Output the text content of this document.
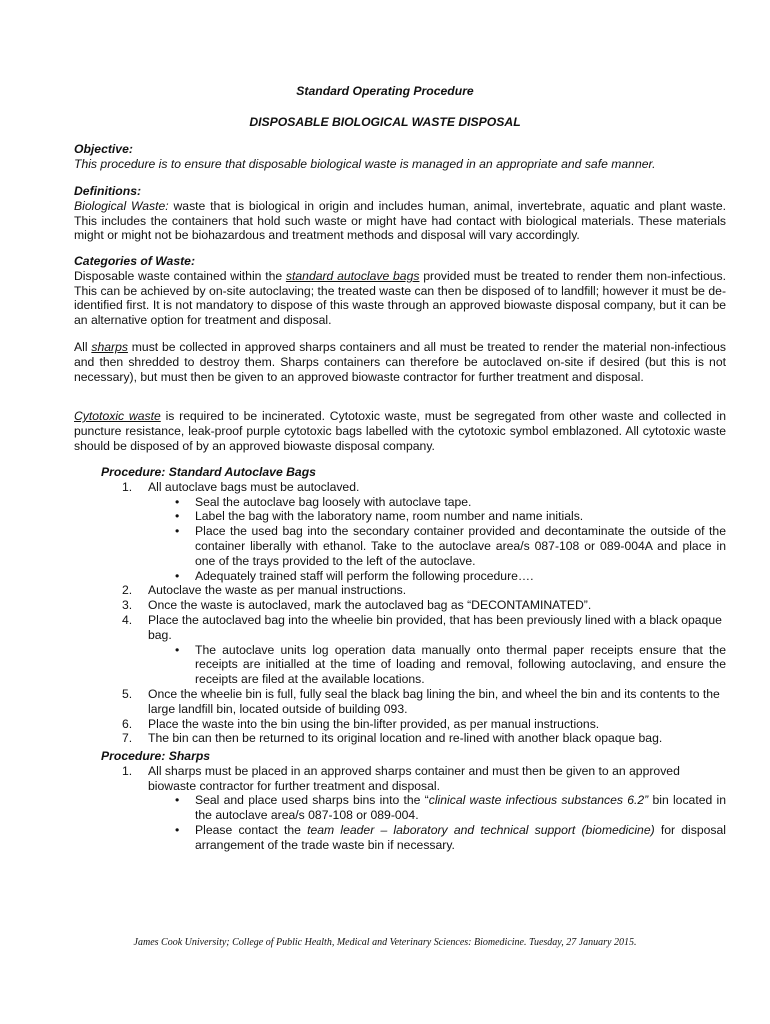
Standard Operating Procedure
DISPOSABLE BIOLOGICAL WASTE DISPOSAL
Objective:
This procedure is to ensure that disposable biological waste is managed in an appropriate and safe manner.
Definitions:

Biological Waste: waste that is biological in origin and includes human, animal, invertebrate, aquatic and plant waste. This includes the containers that hold such waste or might have had contact with biological materials. These materials might or might not be biohazardous and treatment methods and disposal will vary accordingly.

Categories of Waste:

Disposable waste contained within the standard autoclave bags provided must be treated to render them non-infectious. This can be achieved by on-site autoclaving; the treated waste can then be disposed of to landfill; however it must be de-identified first. It is not mandatory to dispose of this waste through an approved biowaste disposal company, but it can be an alternative option for treatment and disposal.

All sharps must be collected in approved sharps containers and all must be treated to render the material non-infectious and then shredded to destroy them. Sharps containers can therefore be autoclaved on-site if desired (but this is not necessary), but must then be given to an approved biowaste contractor for further treatment and disposal.

Cytotoxic waste is required to be incinerated. Cytotoxic waste, must be segregated from other waste and collected in puncture resistance, leak-proof purple cytotoxic bags labelled with the cytotoxic symbol emblazoned. All cytotoxic waste should be disposed of by an approved biowaste disposal company.

Procedure: Standard Autoclave Bags
1. All autoclave bags must be autoclaved.
• Seal the autoclave bag loosely with autoclave tape.
• Label the bag with the laboratory name, room number and name initials.
• Place the used bag into the secondary container provided and decontaminate the outside of the container liberally with ethanol. Take to the autoclave area/s 087-108 or 089-004A and place in one of the trays provided to the left of the autoclave.
• Adequately trained staff will perform the following procedure….
2. Autoclave the waste as per manual instructions.
3. Once the waste is autoclaved, mark the autoclaved bag as “DECONTAMINATED”.
4. Place the autoclaved bag into the wheelie bin provided, that has been previously lined with a black opaque bag.
• The autoclave units log operation data manually onto thermal paper receipts ensure that the receipts are initialled at the time of loading and removal, following autoclaving, and ensure the receipts are filed at the available locations.
5. Once the wheelie bin is full, fully seal the black bag lining the bin, and wheel the bin and its contents to the large landfill bin, located outside of building 093.
6. Place the waste into the bin using the bin-lifter provided, as per manual instructions.
7. The bin can then be returned to its original location and re-lined with another black opaque bag.
Procedure: Sharps
1. All sharps must be placed in an approved sharps container and must then be given to an approved biowaste contractor for further treatment and disposal.
• Seal and place used sharps bins into the “clinical waste infectious substances 6.2” bin located in the autoclave area/s 087-108 or 089-004.
• Please contact the team leader – laboratory and technical support (biomedicine) for disposal arrangement of the trade waste bin if necessary.
James Cook University; College of Public Health, Medical and Veterinary Sciences: Biomedicine. Tuesday, 27 January 2015.
